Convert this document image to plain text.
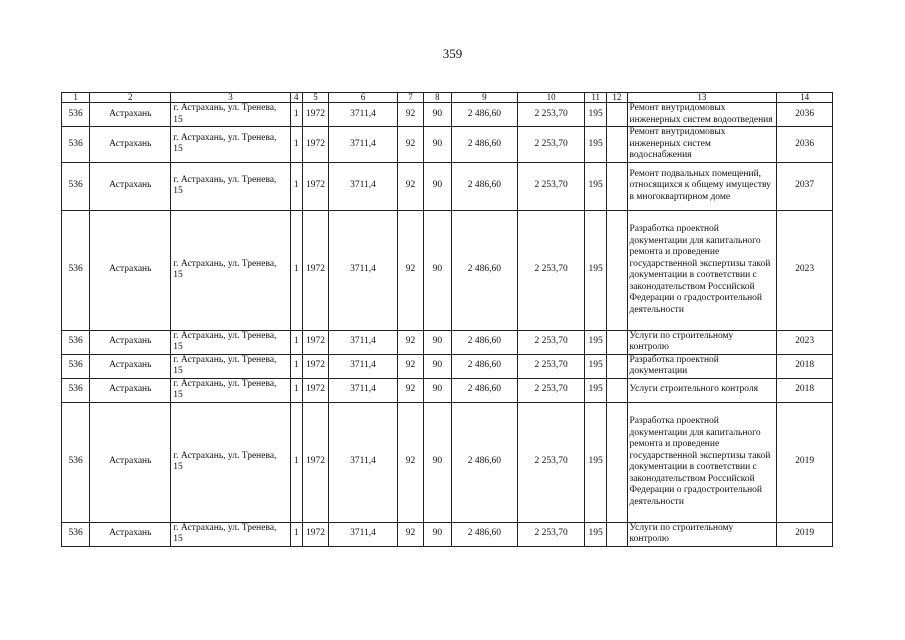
359
1	2	3	4	5	6	7	8	9	10	11	12	13	14
536	Астрахань	г. Астрахань, ул. Тренева, 15	1	1972	3711,4	92	90	2 486,60	2 253,70	195		Ремонт внутридомовых инженерных систем водоотведения	2036
536	Астрахань	г. Астрахань, ул. Тренева, 15	1	1972	3711,4	92	90	2 486,60	2 253,70	195		Ремонт внутридомовых инженерных систем водоснабжения	2036
536	Астрахань	г. Астрахань, ул. Тренева, 15	1	1972	3711,4	92	90	2 486,60	2 253,70	195		Ремонт подвальных помещений, относящихся к общему имуществу в многоквартирном доме	2037
536	Астрахань	г. Астрахань, ул. Тренева, 15	1	1972	3711,4	92	90	2 486,60	2 253,70	195		Разработка проектной документации для капитального ремонта и проведение государственной экспертизы такой документации в соответствии с законодательством Российской Федерации о градостроительной деятельности	2023
536	Астрахань	г. Астрахань, ул. Тренева, 15	1	1972	3711,4	92	90	2 486,60	2 253,70	195		Услуги по строительному контролю	2023
536	Астрахань	г. Астрахань, ул. Тренева, 15	1	1972	3711,4	92	90	2 486,60	2 253,70	195		Разработка проектной документации	2018
536	Астрахань	г. Астрахань, ул. Тренева, 15	1	1972	3711,4	92	90	2 486,60	2 253,70	195		Услуги строительного контроля	2018
536	Астрахань	г. Астрахань, ул. Тренева, 15	1	1972	3711,4	92	90	2 486,60	2 253,70	195		Разработка проектной документации для капитального ремонта и проведение государственной экспертизы такой документации в соответствии с законодательством Российской Федерации о градостроительной деятельности	2019
536	Астрахань	г. Астрахань, ул. Тренева, 15	1	1972	3711,4	92	90	2 486,60	2 253,70	195		Услуги по строительному контролю	2019
